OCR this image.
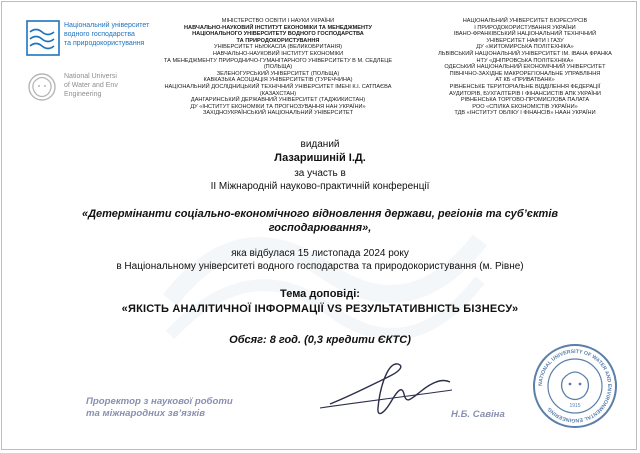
Національний університет
водного господарства
та природокористування
National Universi
of Water and Env
Engineering
МІНІСТЕРСТВО ОСВІТИ І НАУКИ УКРАЇНИ
НАВЧАЛЬНО-НАУКОВИЙ ІНСТИТУТ ЕКОНОМІКИ ТА МЕНЕДЖМЕНТУ
НАЦІОНАЛЬНОГО УНІВЕРСИТЕТУ ВОДНОГО ГОСПОДАРСТВА
ТА ПРИРОДОКОРИСТУВАННЯ
УНІВЕРСИТЕТ НЬЮКАСЛА (ВЕЛИКОБРИТАНІЯ)
НАВЧАЛЬНО-НАУКОВИЙ ІНСТИТУТ ЕКОНОМІКИ
ТА МЕНЕДЖМЕНТУ ПРИРОДНИЧО-ГУМАНІТАРНОГО УНІВЕРСИТЕТУ В М. СЕДЛЕЦЕ
(ПОЛЬЩА)
ЗЕЛЕНОГУРСЬКИЙ УНІВЕРСИТЕТ (ПОЛЬЩА)
КАВКАЗЬКА АСОЦІАЦІЯ УНІВЕРСИТЕТІВ (ТУРЕЧЧИНА)
НАЦІОНАЛЬНИЙ ДОСЛІДНИЦЬКИЙ ТЕХНІЧНИЙ УНІВЕРСИТЕТ ІМЕНІ К.І. САТПАЄВА
(КАЗАХСТАН)
ДАНГАРИНСЬКИЙ ДЕРЖАВНИЙ УНІВЕРСИТЕТ (ТАДЖИКИСТАН)
ДУ «ІНСТИТУТ ЕКОНОМІКИ ТА ПРОГНОЗУВАННЯ НАН УКРАЇНИ»
ЗАХІДНОУКРАЇНСЬКИЙ НАЦІОНАЛЬНИЙ УНІВЕРСИТЕТ
НАЦІОНАЛЬНИЙ УНІВЕРСИТЕТ БІОРЕСУРСІВ
І ПРИРОДОКОРИСТУВАННЯ УКРАЇНИ
ІВАНО-ФРАНКІВСЬКИЙ НАЦІОНАЛЬНИЙ ТЕХНІЧНИЙ
УНІВЕРСИТЕТ НАФТИ І ГАЗУ
ДУ «ЖИТОМИРСЬКА ПОЛІТЕХНІКА»
ЛЬВІВСЬКИЙ НАЦІОНАЛЬНИЙ УНІВЕРСИТЕТ ІМ. ІВАНА ФРАНКА
НТУ «ДНІПРОВСЬКА ПОЛІТЕХНІКА»
ОДЕСЬКИЙ НАЦІОНАЛЬНИЙ ЕКОНОМІЧНИЙ УНІВЕРСИТЕТ
ПІВНІЧНО-ЗАХІДНЕ МАКРОРЕГІОНАЛЬНЕ УПРАВЛІННЯ
АТ КБ «ПРИВАТБАНК»
РІВНЕНСЬКЕ ТЕРИТОРІАЛЬНЕ ВІДДІЛЕННЯ ФЕДЕРАЦІЇ
АУДИТОРІВ, БУХГАЛТЕРІВ І ФІНАНСИСТІВ АПК УКРАЇНИ
РІВНЕНСЬКА ТОРГОВО-ПРОМИСЛОВА ПАЛАТА
РОО «СПІЛКА ЕКОНОМІСТІВ УКРАЇНИ»
ТДВ «ІНСТИТУТ ОБЛІКУ І ФІНАНСІВ» НААН УКРАЇНИ
виданий
Лазаришиній І.Д.
за участь в
ІІ Міжнародній науково-практичній конференції
«Детермінанти соціально-економічного відновлення держави, регіонів та суб’єктів
господарювання»,
яка відбулася 15 листопада 2024 року
в Національному університеті водного господарства та природокористування (м. Рівне)
Тема доповіді:
«ЯКІСТЬ АНАЛІТИЧНОЇ ІНФОРМАЦІЇ VS РЕЗУЛЬТАТИВНІСТЬ БІЗНЕСУ»
Обсяг: 8 год. (0,3 кредити ЄКТС)
Проректор з наукової роботи
та міжнародних зв’язків	Н.Б. Савіна
NATIONAL UNIVERSITY OF WATER AND ENVIRONMENTAL ENGINEERING	1915
